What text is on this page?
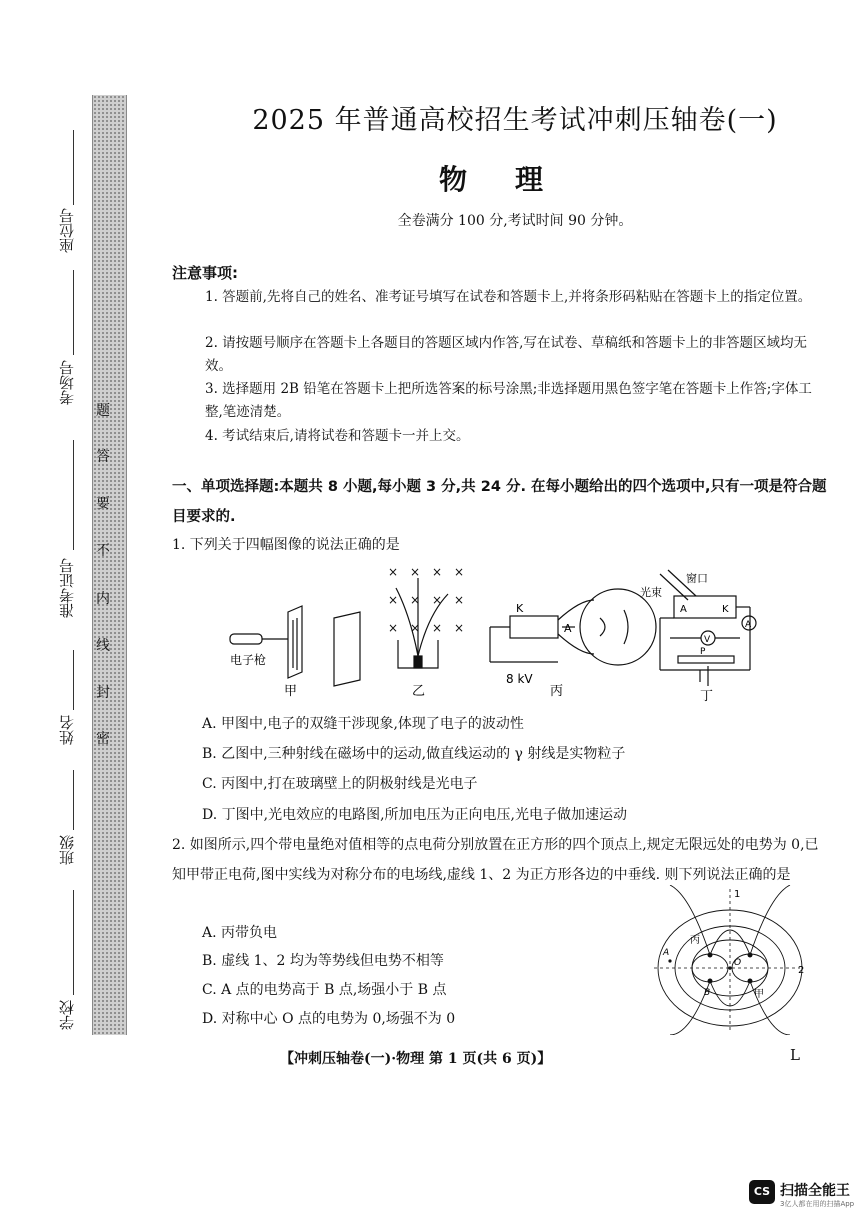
座位号
考场号
准考证号
姓名
班级
学校
题
答
要
不
内
线
封
密
2025 年普通高校招生考试冲刺压轴卷(一)
物理
全卷满分 100 分,考试时间 90 分钟。
注意事项:
1. 答题前,先将自己的姓名、准考证号填写在试卷和答题卡上,并将条形码粘贴在答题卡上的指定位置。
2. 请按题号顺序在答题卡上各题目的答题区域内作答,写在试卷、草稿纸和答题卡上的非答题区域均无效。
3. 选择题用 2B 铅笔在答题卡上把所选答案的标号涂黑;非选择题用黑色签字笔在答题卡上作答;字体工整,笔迹清楚。
4. 考试结束后,请将试卷和答题卡一并上交。
一、单项选择题:本题共 8 小题,每小题 3 分,共 24 分. 在每小题给出的四个选项中,只有一项是符合题目要求的.
1. 下列关于四幅图像的说法正确的是
电子枪
甲
× × × ×
× × × ×
× × × ×
乙
K
A
8 kV
丙
光束
窗口
A	K
V
A
P
丁
A. 甲图中,电子的双缝干涉现象,体现了电子的波动性
B. 乙图中,三种射线在磁场中的运动,做直线运动的 γ 射线是实物粒子
C. 丙图中,打在玻璃壁上的阴极射线是光电子
D. 丁图中,光电效应的电路图,所加电压为正向电压,光电子做加速运动
2. 如图所示,四个带电量绝对值相等的点电荷分别放置在正方形的四个顶点上,规定无限远处的电势为 0,已知甲带正电荷,图中实线为对称分布的电场线,虚线 1、2 为正方形各边的中垂线. 则下列说法正确的是
A. 丙带负电
B. 虚线 1、2 均为等势线但电势不相等
C. A 点的电势高于 B 点,场强小于 B 点
D. 对称中心 O 点的电势为 0,场强不为 0
1
2
丙
甲
A
B
O
【冲刺压轴卷(一)·物理 第 1 页(共 6 页)】	L
CS 扫描全能王
3亿人都在用的扫描App
